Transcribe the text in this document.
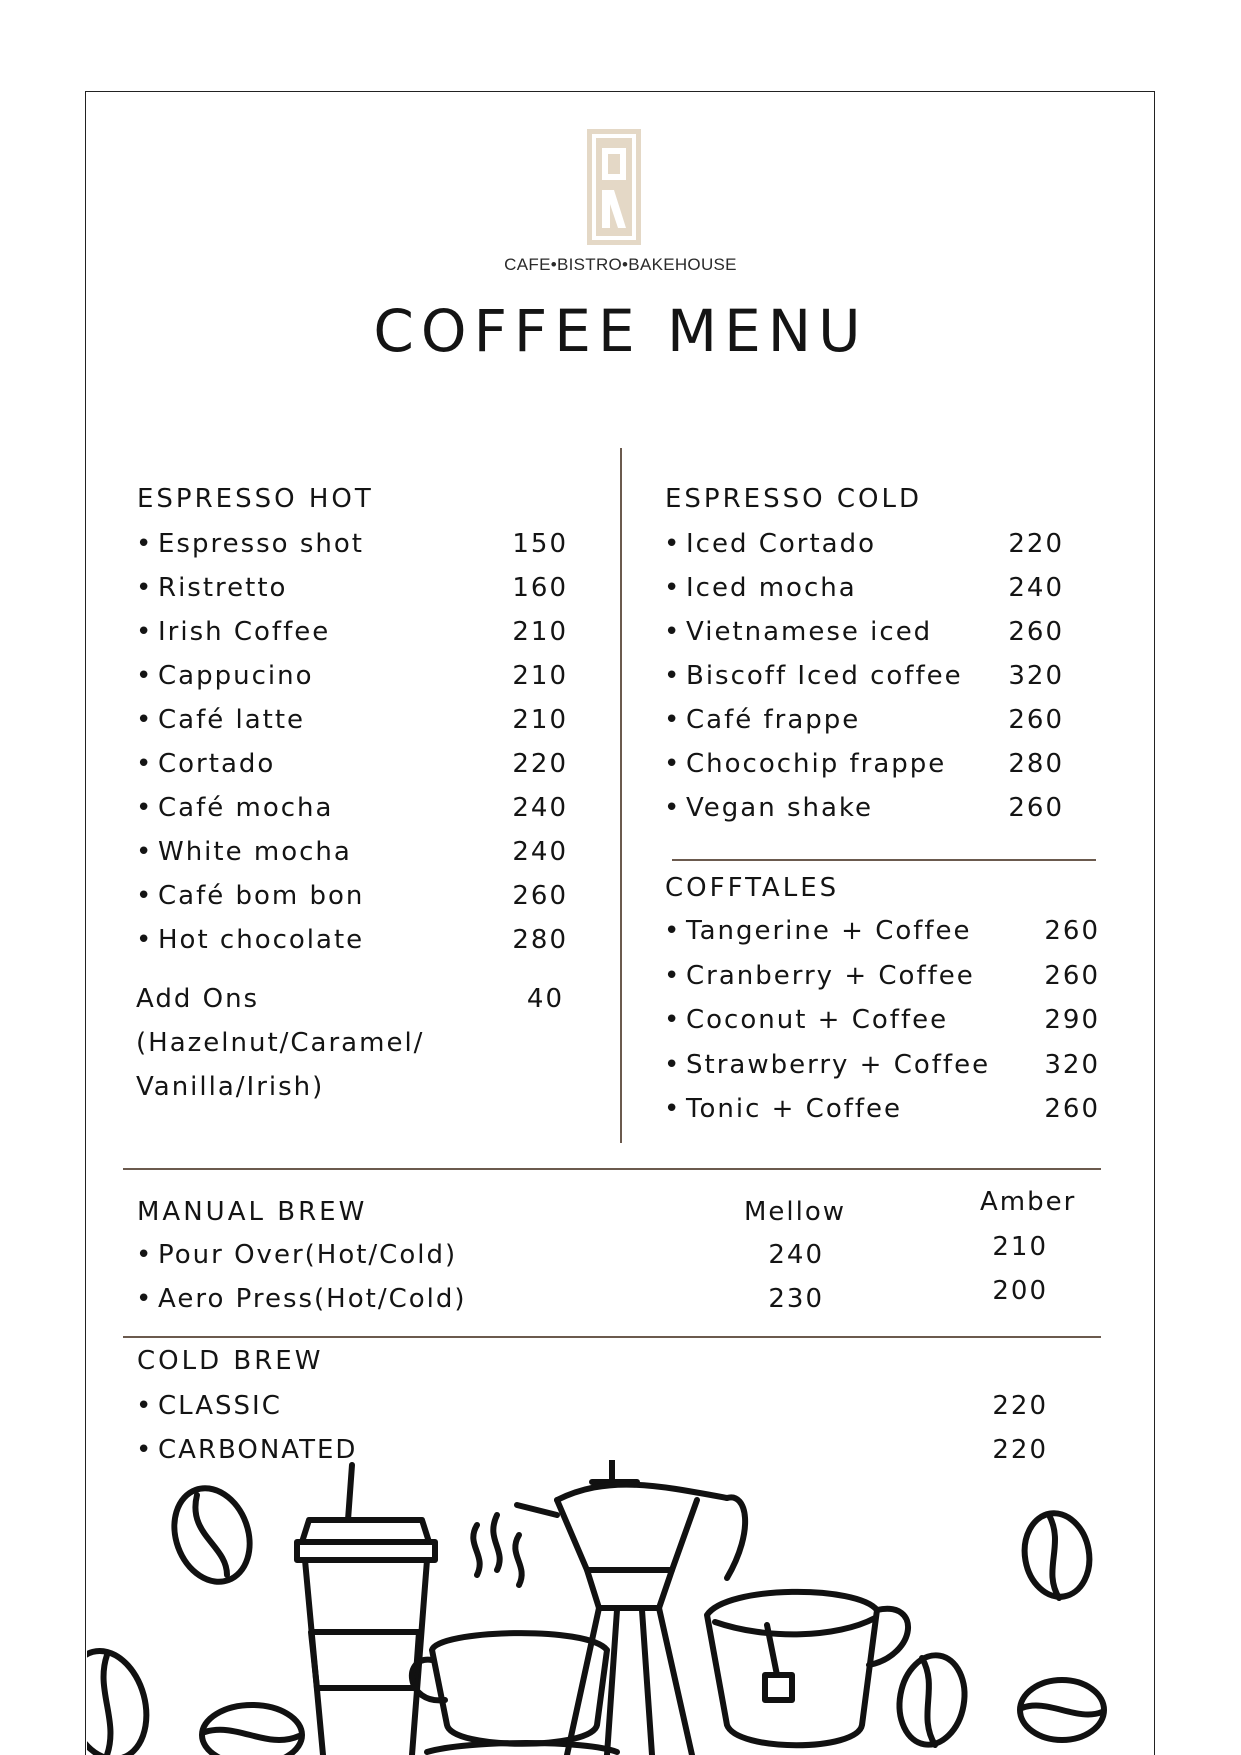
CAFE•BISTRO•BAKEHOUSE
COFFEE MENU
ESPRESSO HOT
• Espresso shot	150
• Ristretto	160
• Irish Coffee	210
• Cappucino	210
• Café latte	210
• Cortado	220
• Café mocha	240
• White mocha	240
• Café bom bon	260
• Hot chocolate	280
Add Ons	40
(Hazelnut/Caramel/
Vanilla/Irish)
ESPRESSO COLD
• Iced Cortado	220
• Iced mocha	240
• Vietnamese iced	260
• Biscoff Iced coffee	320
• Café frappe	260
• Chocochip frappe	280
• Vegan shake	260
COFFTALES
• Tangerine + Coffee	260
• Cranberry + Coffee	260
• Coconut + Coffee	290
• Strawberry + Coffee	320
• Tonic + Coffee	260
MANUAL BREW	Mellow	Amber
• Pour Over(Hot/Cold)	240	210
• Aero Press(Hot/Cold)	230	200
COLD BREW
• CLASSIC	220
• CARBONATED	220
